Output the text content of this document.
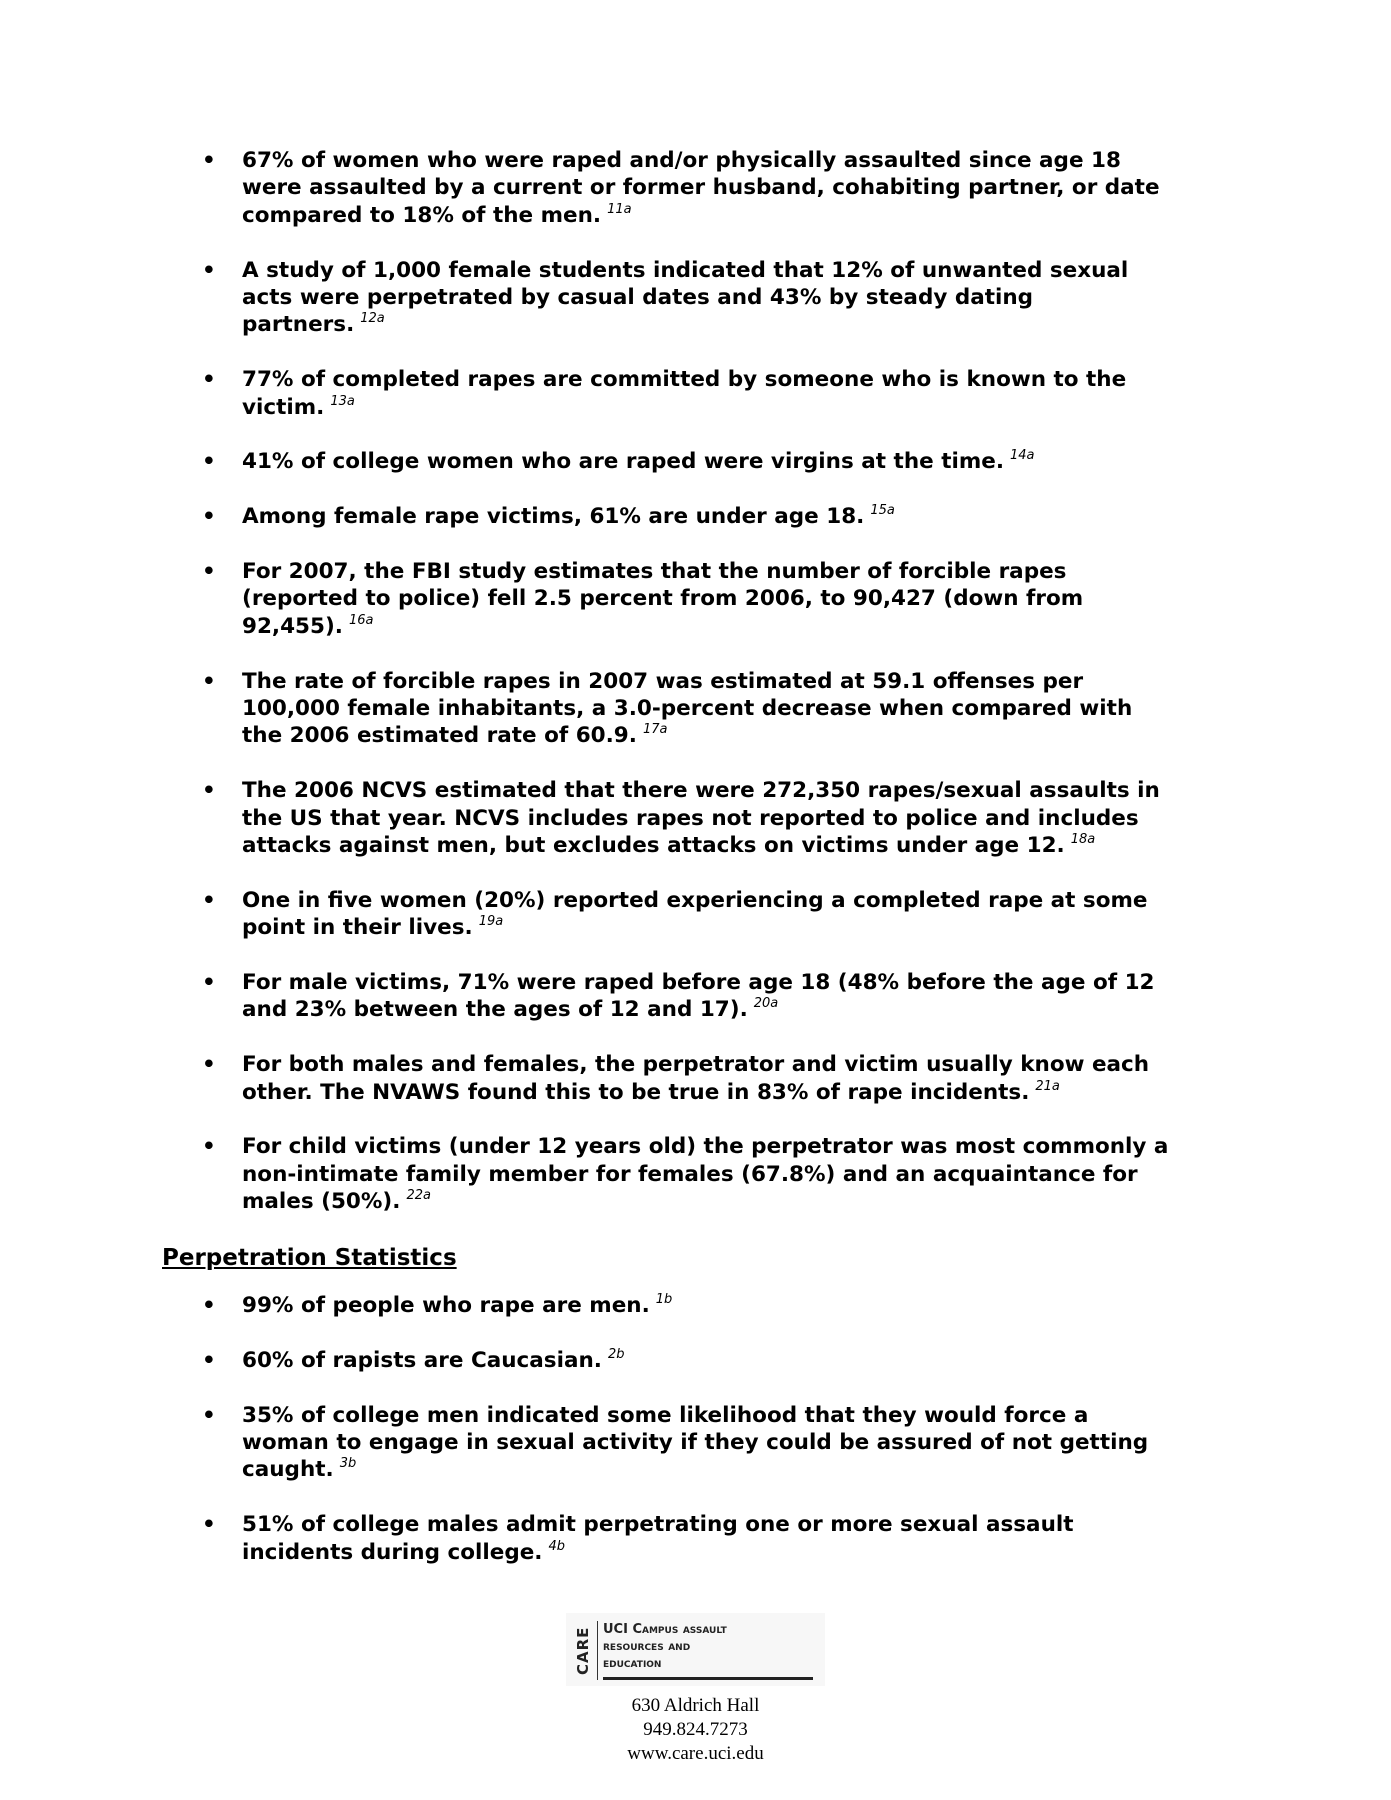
• 67% of women who were raped and/or physically assaulted since age 18 were assaulted by a current or former husband, cohabiting partner, or date compared to 18% of the men. $^{11a}$
• A study of 1,000 female students indicated that 12% of unwanted sexual acts were perpetrated by casual dates and 43% by steady dating partners. $^{12a}$
• 77% of completed rapes are committed by someone who is known to the victim. $^{13a}$
• 41% of college women who are raped were virgins at the time. $^{14a}$
• Among female rape victims, 61% are under age 18. $^{15a}$
• For 2007, the FBI study estimates that the number of forcible rapes (reported to police) fell 2.5 percent from 2006, to 90,427 (down from 92,455). $^{16a}$
• The rate of forcible rapes in 2007 was estimated at 59.1 offenses per 100,000 female inhabitants, a 3.0-percent decrease when compared with the 2006 estimated rate of 60.9. $^{17a}$
• The 2006 NCVS estimated that there were 272,350 rapes/sexual assaults in the US that year. NCVS includes rapes not reported to police and includes attacks against men, but excludes attacks on victims under age 12. $^{18a}$
• One in five women (20%) reported experiencing a completed rape at some point in their lives. $^{19a}$
• For male victims, 71% were raped before age 18 (48% before the age of 12 and 23% between the ages of 12 and 17). $^{20a}$
• For both males and females, the perpetrator and victim usually know each other. The NVAWS found this to be true in 83% of rape incidents. $^{21a}$
• For child victims (under 12 years old) the perpetrator was most commonly a non-intimate family member for females (67.8%) and an acquaintance for males (50%). $^{22a}$
Perpetration Statistics
• 99% of people who rape are men. $^{1b}$
• 60% of rapists are Caucasian. $^{2b}$
• 35% of college men indicated some likelihood that they would force a woman to engage in sexual activity if they could be assured of not getting caught. $^{3b}$
• 51% of college males admit perpetrating one or more sexual assault incidents during college. $^{4b}$
CARE UCI Campus assault
resources and
education
630 Aldrich Hall
949.824.7273
www.care.uci.edu
